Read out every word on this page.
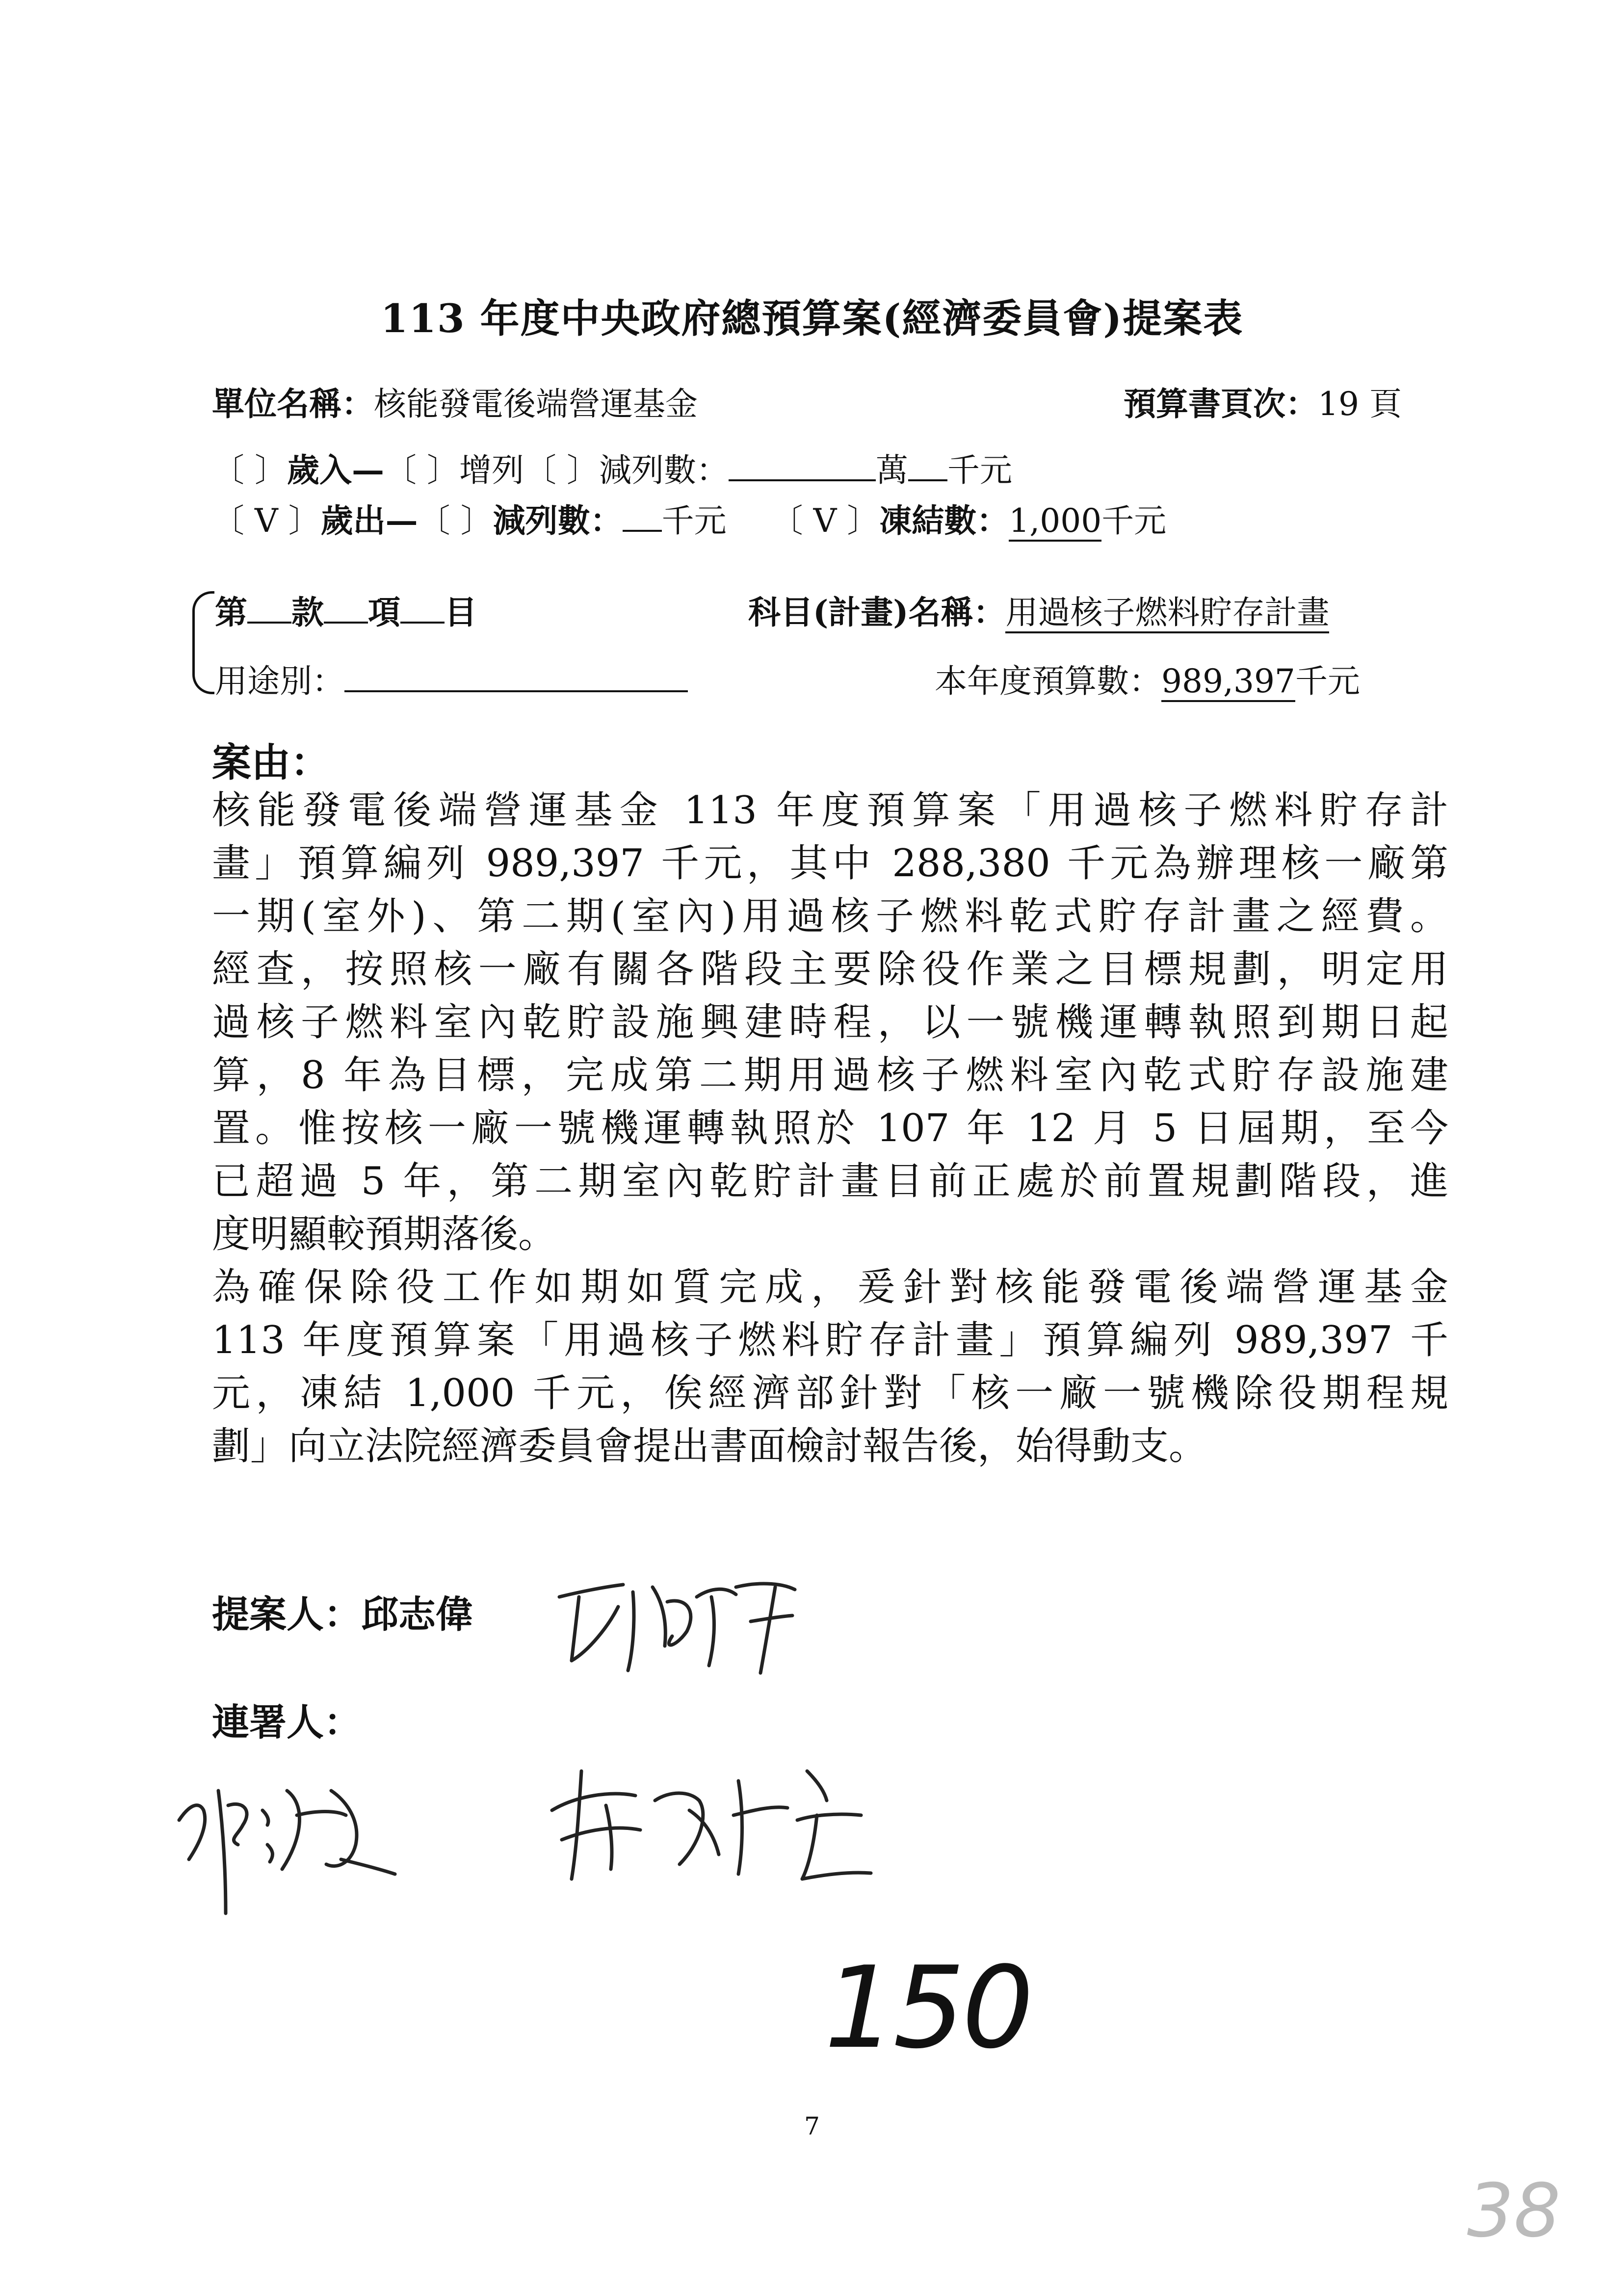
113 年度中央政府總預算案(經濟委員會)提案表
單位名稱：核能發電後端營運基金	預算書頁次：19 頁
〔 〕歲入—〔 〕增列〔 〕減列數：	萬 千元
〔 V 〕歲出—〔 〕減列數： 千元 〔 V 〕凍結數：1,000千元
第 款 項 目	科目(計畫)名稱：用過核子燃料貯存計畫
用途別：	本年度預算數：989,397千元
案由：
核能發電後端營運基金 113 年度預算案「用過核子燃料貯存計
畫」預算編列 989,397 千元，其中 288,380 千元為辦理核一廠第
一期(室外)、第二期(室內)用過核子燃料乾式貯存計畫之經費。
經查，按照核一廠有關各階段主要除役作業之目標規劃，明定用
過核子燃料室內乾貯設施興建時程，以一號機運轉執照到期日起
算，8 年為目標，完成第二期用過核子燃料室內乾式貯存設施建
置。惟按核一廠一號機運轉執照於 107 年 12 月 5 日屆期，至今
已超過 5 年，第二期室內乾貯計畫目前正處於前置規劃階段，進
度明顯較預期落後。
為確保除役工作如期如質完成，爰針對核能發電後端營運基金
113 年度預算案「用過核子燃料貯存計畫」預算編列 989,397 千
元，凍結 1,000 千元，俟經濟部針對「核一廠一號機除役期程規
劃」向立法院經濟委員會提出書面檢討報告後，始得動支。
提案人：邱志偉
連署人：
150
7
38
